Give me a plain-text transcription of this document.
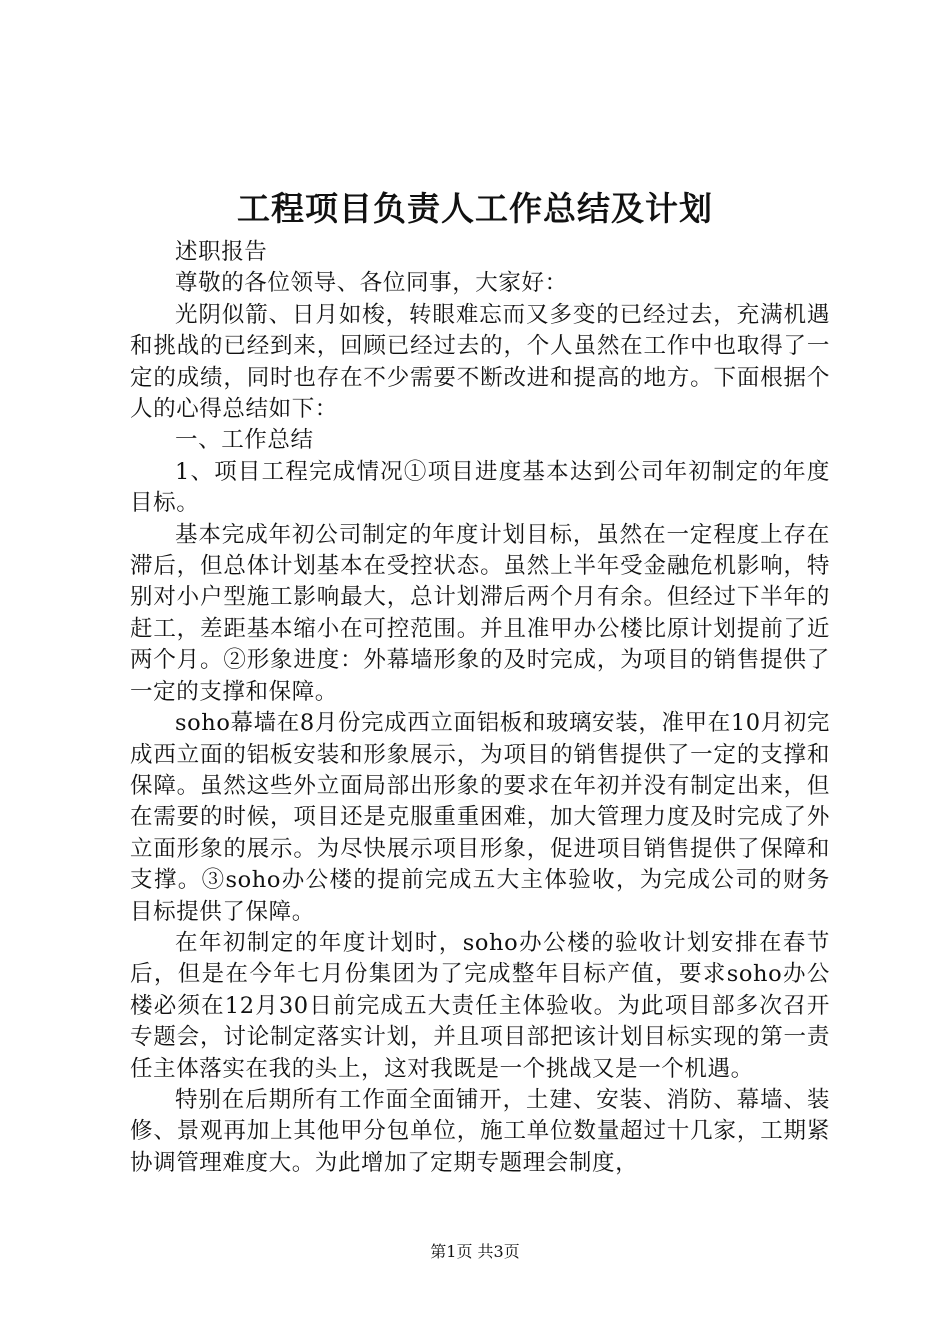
工程项目负责人工作总结及计划

述职报告

尊敬的各位领导、各位同事，大家好：

光阴似箭、日月如梭，转眼难忘而又多变的已经过去，充满机遇和挑战的已经到来，回顾已经过去的，个人虽然在工作中也取得了一定的成绩，同时也存在不少需要不断改进和提高的地方。下面根据个人的心得总结如下：

一、工作总结

1、项目工程完成情况①项目进度基本达到公司年初制定的年度目标。

基本完成年初公司制定的年度计划目标，虽然在一定程度上存在滞后，但总体计划基本在受控状态。虽然上半年受金融危机影响，特别对小户型施工影响最大，总计划滞后两个月有余。但经过下半年的赶工，差距基本缩小在可控范围。并且准甲办公楼比原计划提前了近两个月。②形象进度：外幕墙形象的及时完成，为项目的销售提供了一定的支撑和保障。

soho幕墙在8月份完成西立面铝板和玻璃安装，准甲在10月初完成西立面的铝板安装和形象展示，为项目的销售提供了一定的支撑和保障。虽然这些外立面局部出形象的要求在年初并没有制定出来，但在需要的时候，项目还是克服重重困难，加大管理力度及时完成了外立面形象的展示。为尽快展示项目形象，促进项目销售提供了保障和支撑。③soho办公楼的提前完成五大主体验收，为完成公司的财务目标提供了保障。

在年初制定的年度计划时，soho办公楼的验收计划安排在春节后，但是在今年七月份集团为了完成整年目标产值，要求soho办公楼必须在12月30日前完成五大责任主体验收。为此项目部多次召开专题会，讨论制定落实计划，并且项目部把该计划目标实现的第一责任主体落实在我的头上，这对我既是一个挑战又是一个机遇。

特别在后期所有工作面全面铺开，土建、安装、消防、幕墙、装修、景观再加上其他甲分包单位，施工单位数量超过十几家，工期紧协调管理难度大。为此增加了定期专题理会制度，

第1页 共3页
